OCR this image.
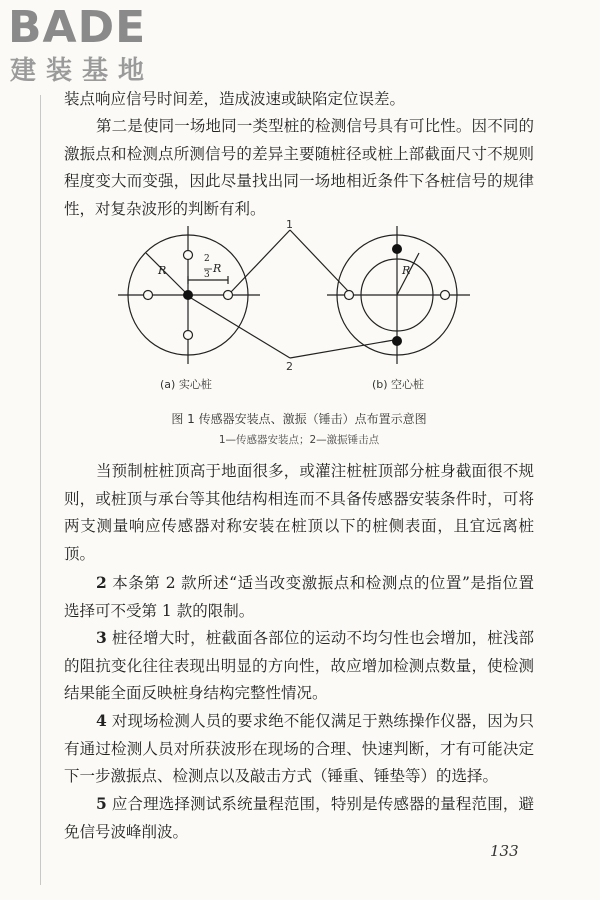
BADE
建装基地
装点响应信号时间差，造成波速或缺陷定位误差。
第二是使同一场地同一类型桩的检测信号具有可比性。因不同的激振点和检测点所测信号的差异主要随桩径或桩上部截面尺寸不规则程度变大而变强，因此尽量找出同一场地相近条件下各桩信号的规律性，对复杂波形的判断有利。
1
2
R
2
3 R	R
(a) 实心桩	(b) 空心桩
图 1 传感器安装点、激振（锤击）点布置示意图
1—传感器安装点；2—激振锤击点
当预制桩桩顶高于地面很多，或灌注桩桩顶部分桩身截面很不规则，或桩顶与承台等其他结构相连而不具备传感器安装条件时，可将两支测量响应传感器对称安装在桩顶以下的桩侧表面，且宜远离桩顶。
2 本条第 2 款所述“适当改变激振点和检测点的位置”是指位置选择可不受第 1 款的限制。
3 桩径增大时，桩截面各部位的运动不均匀性也会增加，桩浅部的阻抗变化往往表现出明显的方向性，故应增加检测点数量，使检测结果能全面反映桩身结构完整性情况。
4 对现场检测人员的要求绝不能仅满足于熟练操作仪器，因为只有通过检测人员对所获波形在现场的合理、快速判断，才有可能决定下一步激振点、检测点以及敲击方式（锤重、锤垫等）的选择。
5 应合理选择测试系统量程范围，特别是传感器的量程范围，避免信号波峰削波。
133
